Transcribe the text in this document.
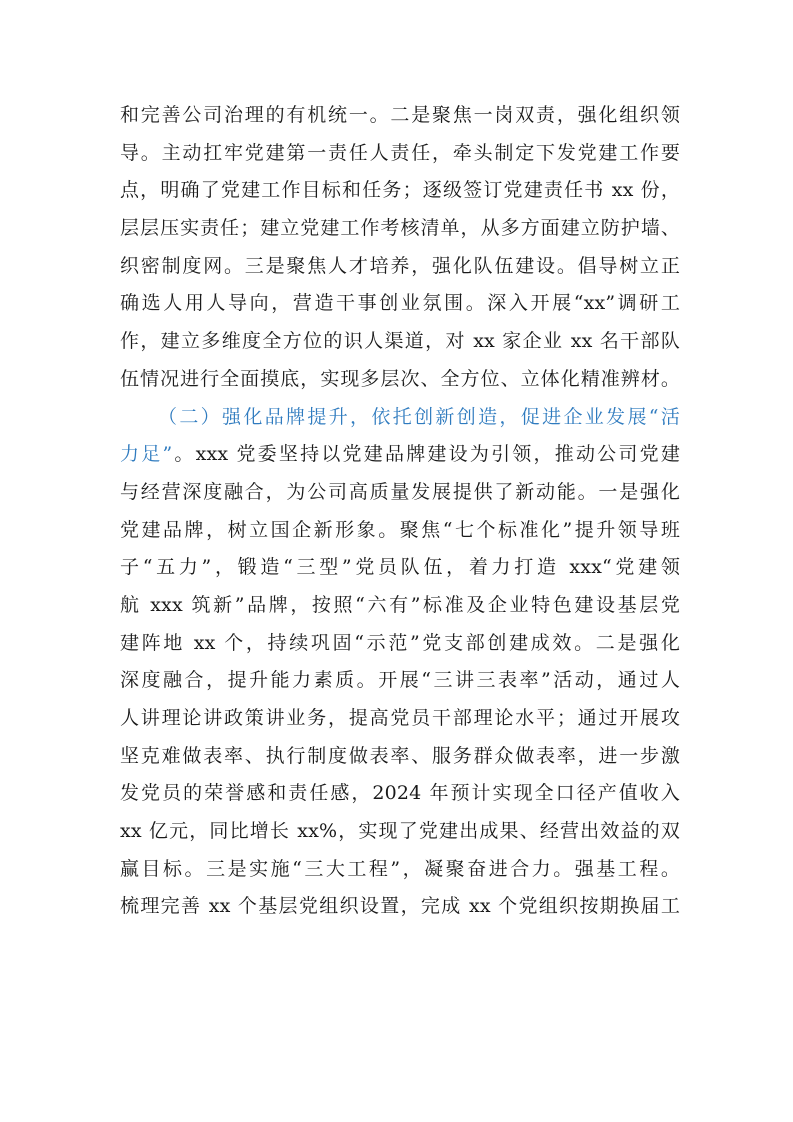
和完善公司治理的有机统一。二是聚焦一岗双责，强化组织领
导。主动扛牢党建第一责任人责任，牵头制定下发党建工作要
点，明确了党建工作目标和任务；逐级签订党建责任书 xx 份，
层层压实责任；建立党建工作考核清单，从多方面建立防护墙、
织密制度网。三是聚焦人才培养，强化队伍建设。倡导树立正
确选人用人导向，营造干事创业氛围。深入开展“xx”调研工
作，建立多维度全方位的识人渠道，对 xx 家企业 xx 名干部队
伍情况进行全面摸底，实现多层次、全方位、立体化精准辨材。
（二）强化品牌提升，依托创新创造，促进企业发展“活
力足”。xxx 党委坚持以党建品牌建设为引领，推动公司党建
与经营深度融合，为公司高质量发展提供了新动能。一是强化
党建品牌，树立国企新形象。聚焦“七个标准化”提升领导班
子“五力”，锻造“三型”党员队伍，着力打造 xxx“党建领
航 xxx 筑新”品牌，按照“六有”标准及企业特色建设基层党
建阵地 xx 个，持续巩固“示范”党支部创建成效。二是强化
深度融合，提升能力素质。开展“三讲三表率”活动，通过人
人讲理论讲政策讲业务，提高党员干部理论水平；通过开展攻
坚克难做表率、执行制度做表率、服务群众做表率，进一步激
发党员的荣誉感和责任感，2024 年预计实现全口径产值收入
xx 亿元，同比增长 xx%，实现了党建出成果、经营出效益的双
赢目标。三是实施“三大工程”，凝聚奋进合力。强基工程。
梳理完善 xx 个基层党组织设置，完成 xx 个党组织按期换届工
